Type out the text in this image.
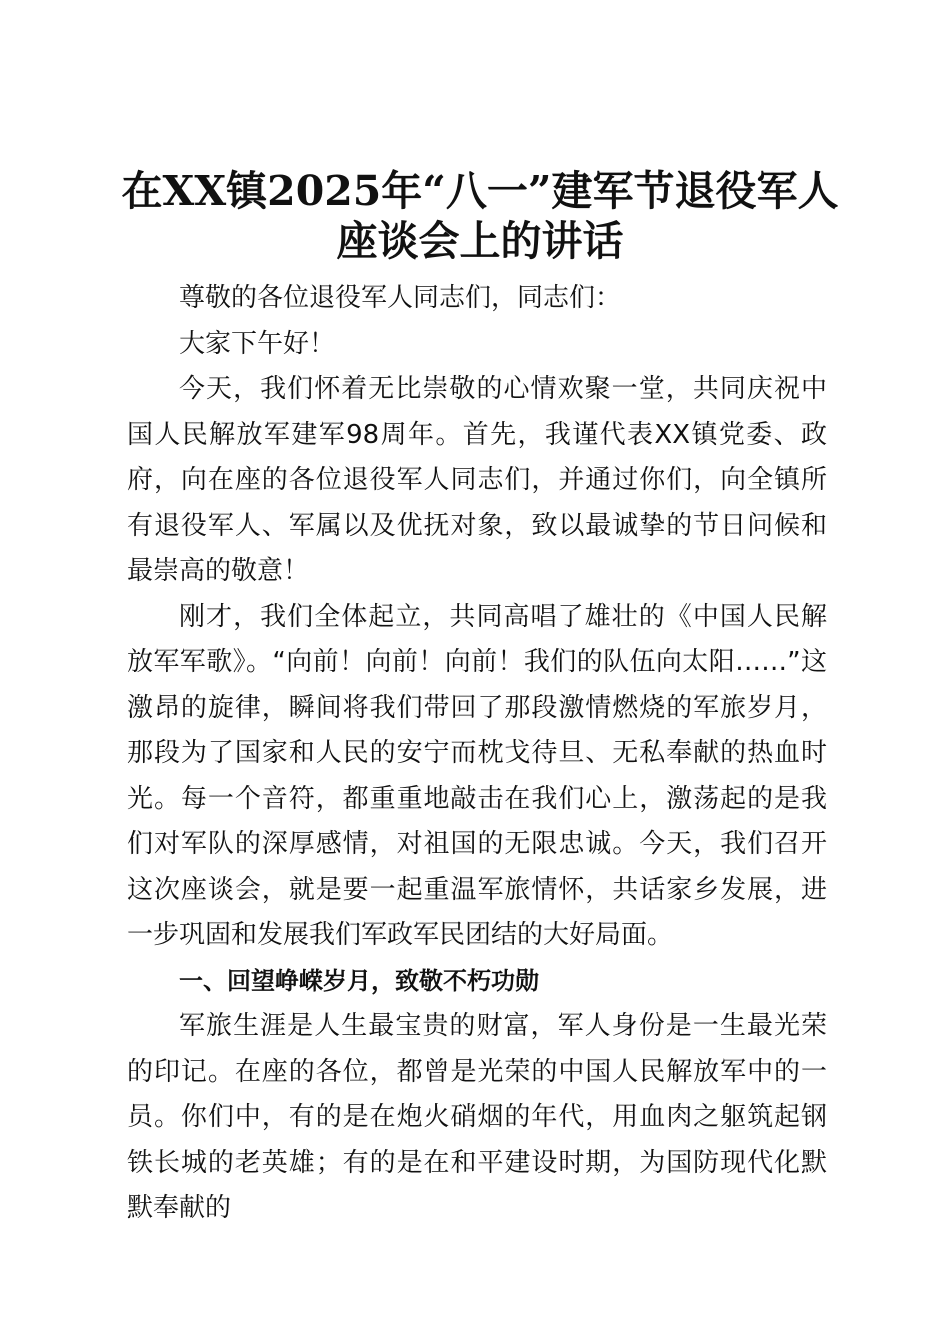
在XX镇2025年“八一”建军节退役军人座谈会上的讲话

尊敬的各位退役军人同志们，同志们：

大家下午好！

今天，我们怀着无比崇敬的心情欢聚一堂，共同庆祝中国人民解放军建军98周年。首先，我谨代表XX镇党委、政府，向在座的各位退役军人同志们，并通过你们，向全镇所有退役军人、军属以及优抚对象，致以最诚挚的节日问候和最崇高的敬意！

刚才，我们全体起立，共同高唱了雄壮的《中国人民解放军军歌》。“向前！向前！向前！我们的队伍向太阳……”这激昂的旋律，瞬间将我们带回了那段激情燃烧的军旅岁月，那段为了国家和人民的安宁而枕戈待旦、无私奉献的热血时光。每一个音符，都重重地敲击在我们心上，激荡起的是我们对军队的深厚感情，对祖国的无限忠诚。今天，我们召开这次座谈会，就是要一起重温军旅情怀，共话家乡发展，进一步巩固和发展我们军政军民团结的大好局面。

一、回望峥嵘岁月，致敬不朽功勋

军旅生涯是人生最宝贵的财富，军人身份是一生最光荣的印记。在座的各位，都曾是光荣的中国人民解放军中的一员。你们中，有的是在炮火硝烟的年代，用血肉之躯筑起钢铁长城的老英雄；有的是在和平建设时期，为国防现代化默默奉献的
